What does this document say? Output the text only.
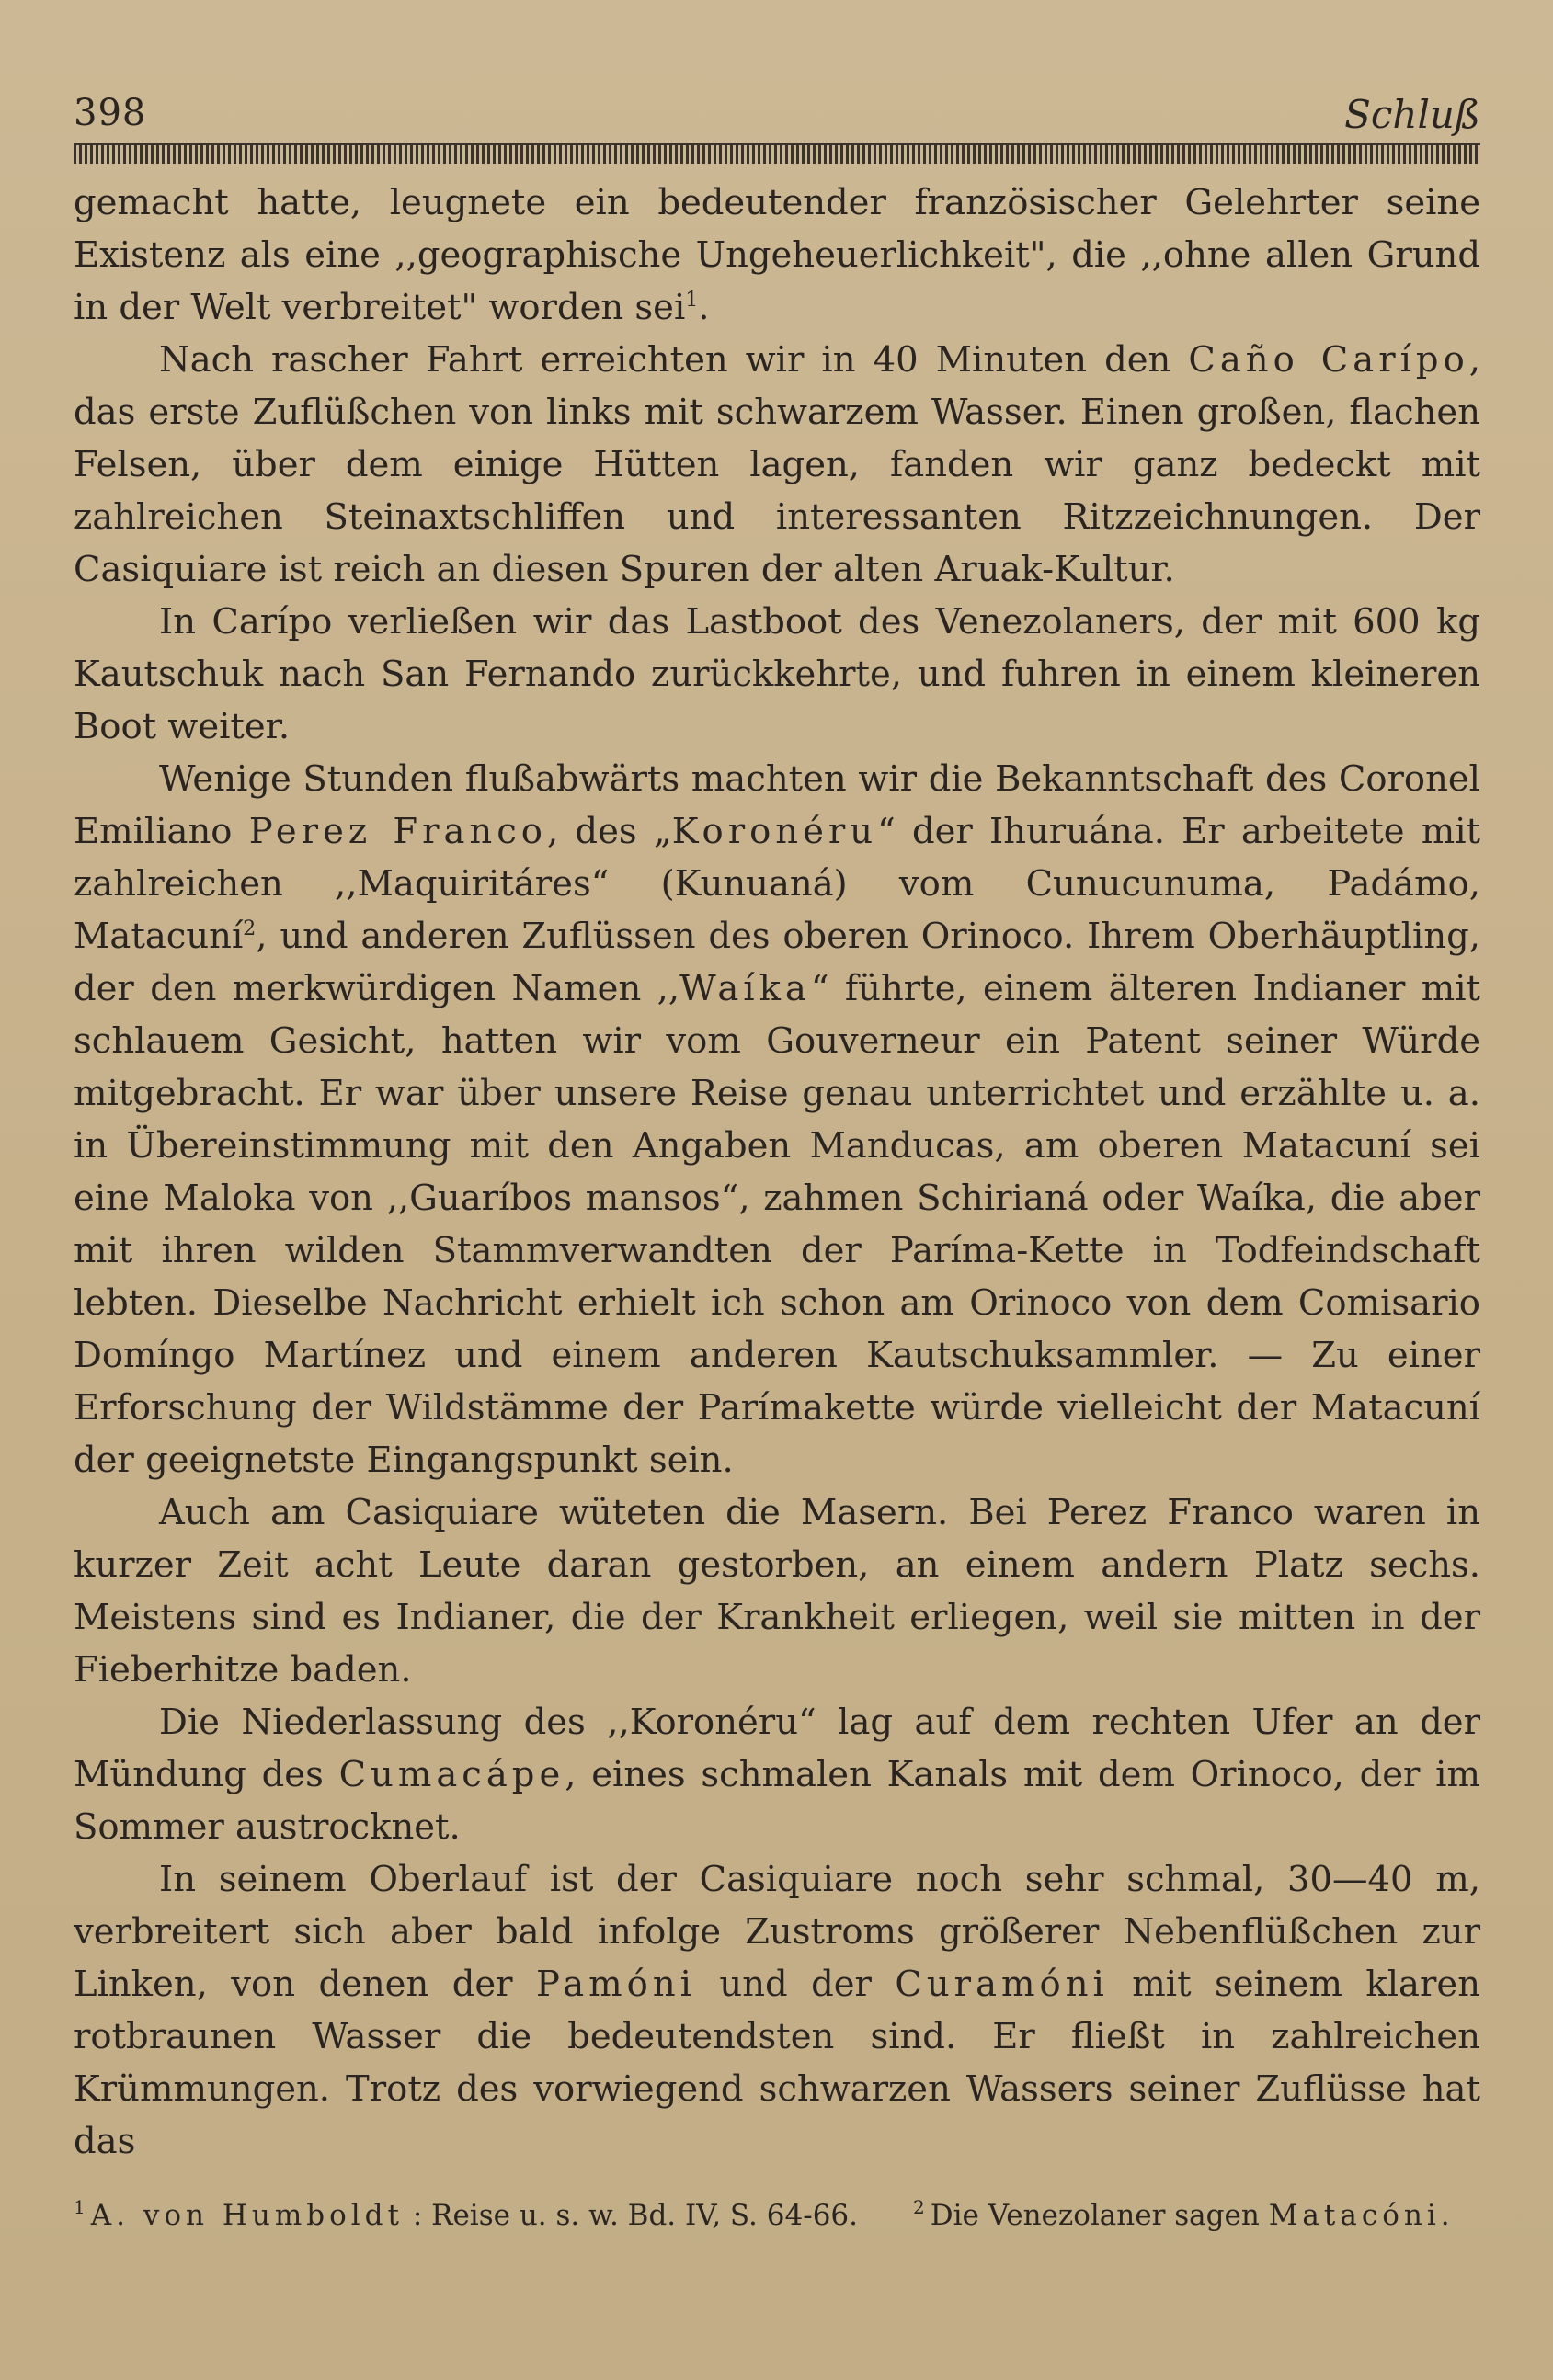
398	Schluß

gemacht hatte, leugnete ein bedeutender französischer Gelehrter seine Existenz als eine ,,geographische Ungeheuerlichkeit", die ,,ohne allen Grund in der Welt verbreitet" worden sei$^1$.

Nach rascher Fahrt erreichten wir in 40 Minuten den Caño Carípo, das erste Zuflüßchen von links mit schwarzem Wasser. Einen großen, flachen Felsen, über dem einige Hütten lagen, fanden wir ganz bedeckt mit zahlreichen Steinaxtschliffen und interessanten Ritzzeichnungen. Der Casiquiare ist reich an diesen Spuren der alten Aruak-Kultur.

In Carípo verließen wir das Lastboot des Venezolaners, der mit 600 kg Kautschuk nach San Fernando zurückkehrte, und fuhren in einem kleineren Boot weiter.

Wenige Stunden flußabwärts machten wir die Bekanntschaft des Coronel Emiliano Perez Franco, des „Koronéru“ der Ihuruána. Er arbeitete mit zahlreichen ,,Maquiritáres“ (Kunuaná) vom Cunucunuma, Padámo, Matacuní$^2$, und anderen Zuflüssen des oberen Orinoco. Ihrem Oberhäuptling, der den merkwürdigen Namen ,,Waíka“ führte, einem älteren Indianer mit schlauem Gesicht, hatten wir vom Gouverneur ein Patent seiner Würde mitgebracht. Er war über unsere Reise genau unterrichtet und erzählte u. a. in Übereinstimmung mit den Angaben Manducas, am oberen Matacuní sei eine Maloka von ,,Guaríbos mansos“, zahmen Schirianá oder Waíka, die aber mit ihren wilden Stammverwandten der Paríma-Kette in Todfeindschaft lebten. Dieselbe Nachricht erhielt ich schon am Orinoco von dem Comisario Domíngo Martínez und einem anderen Kautschuksammler. — Zu einer Erforschung der Wildstämme der Parímakette würde vielleicht der Matacuní der geeignetste Eingangspunkt sein.

Auch am Casiquiare wüteten die Masern. Bei Perez Franco waren in kurzer Zeit acht Leute daran gestorben, an einem andern Platz sechs. Meistens sind es Indianer, die der Krankheit erliegen, weil sie mitten in der Fieberhitze baden.

Die Niederlassung des ,,Koronéru“ lag auf dem rechten Ufer an der Mündung des Cumacápe, eines schmalen Kanals mit dem Orinoco, der im Sommer austrocknet.

In seinem Oberlauf ist der Casiquiare noch sehr schmal, 30—40 m, verbreitert sich aber bald infolge Zustroms größerer Nebenflüßchen zur Linken, von denen der Pamóni und der Curamóni mit seinem klaren rotbraunen Wasser die bedeutendsten sind. Er fließt in zahlreichen Krümmungen. Trotz des vorwiegend schwarzen Wassers seiner Zuflüsse hat das

$^1$ A. von Humboldt : Reise u. s. w. Bd. IV, S. 64-66.	$^2$ Die Venezolaner sagen Matacóni.
